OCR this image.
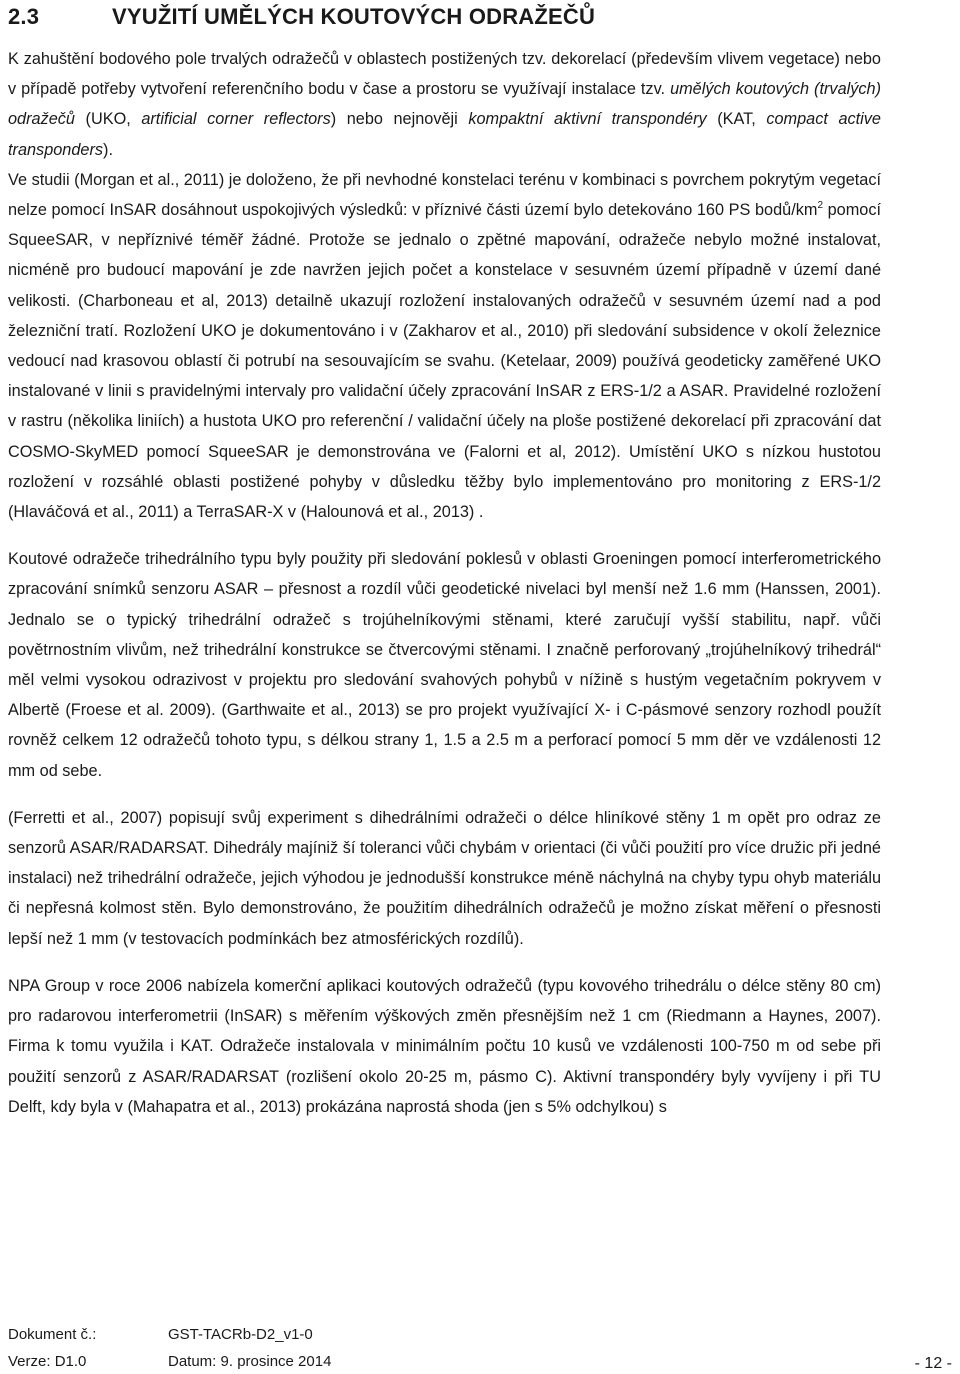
2.3	VYUŽITÍ UMĚLÝCH KOUTOVÝCH ODRAŽEČŮ

K zahuštění bodového pole trvalých odražečů v oblastech postižených tzv. dekorelací (především vlivem vegetace) nebo v případě potřeby vytvoření referenčního bodu v čase a prostoru se využívají instalace tzv. umělých koutových (trvalých) odražečů (UKO, artificial corner reflectors) nebo nejnověji kompaktní aktivní transpondéry (KAT, compact active transponders).

Ve studii (Morgan et al., 2011) je doloženo, že při nevhodné konstelaci terénu v kombinaci s povrchem pokrytým vegetací nelze pomocí InSAR dosáhnout uspokojivých výsledků: v příznivé části území bylo detekováno 160 PS bodů/$km^2$ pomocí SqueeSAR, v nepříznivé téměř žádné. Protože se jednalo o zpětné mapování, odražeče nebylo možné instalovat, nicméně pro budoucí mapování je zde navržen jejich počet a konstelace v sesuvném území případně v území dané velikosti. (Charboneau et al, 2013) detailně ukazují rozložení instalovaných odražečů v sesuvném území nad a pod železniční tratí. Rozložení UKO je dokumentováno i v (Zakharov et al., 2010) při sledování subsidence v okolí železnice vedoucí nad krasovou oblastí či potrubí na sesouvajícím se svahu. (Ketelaar, 2009) používá geodeticky zaměřené UKO instalované v linii s pravidelnými intervaly pro validační účely zpracování InSAR z ERS-1/2 a ASAR. Pravidelné rozložení v rastru (několika liniích) a hustota UKO pro referenční / validační účely na ploše postižené dekorelací při zpracování dat COSMO-SkyMED pomocí SqueeSAR je demonstrována ve (Falorni et al, 2012). Umístění UKO s nízkou hustotou rozložení v rozsáhlé oblasti postižené pohyby v důsledku těžby bylo implementováno pro monitoring z ERS-1/2 (Hlaváčová et al., 2011) a TerraSAR-X v (Halounová et al., 2013) .

Koutové odražeče trihedrálního typu byly použity při sledování poklesů v oblasti Groeningen pomocí interferometrického zpracování snímků senzoru ASAR – přesnost a rozdíl vůči geodetické nivelaci byl menší než 1.6 mm (Hanssen, 2001). Jednalo se o typický trihedrální odražeč s trojúhelníkovými stěnami, které zaručují vyšší stabilitu, např. vůči povětrnostním vlivům, než trihedrální konstrukce se čtvercovými stěnami. I značně perforovaný „trojúhelníkový trihedrál“ měl velmi vysokou odrazivost v projektu pro sledování svahových pohybů v nížině s hustým vegetačním pokryvem v Albertě (Froese et al. 2009). (Garthwaite et al., 2013) se pro projekt využívající X- i C-pásmové senzory rozhodl použít rovněž celkem 12 odražečů tohoto typu, s délkou strany 1, 1.5 a 2.5 m a perforací pomocí 5 mm děr ve vzdálenosti 12 mm od sebe.

(Ferretti et al., 2007) popisují svůj experiment s dihedrálními odražeči o délce hliníkové stěny 1 m opět pro odraz ze senzorů ASAR/RADARSAT. Dihedrály majíniž ší toleranci vůči chybám v orientaci (či vůči použití pro více družic při jedné instalaci) než trihedrální odražeče, jejich výhodou je jednodušší konstrukce méně náchylná na chyby typu ohyb materiálu či nepřesná kolmost stěn. Bylo demonstrováno, že použitím dihedrálních odražečů je možno získat měření o přesnosti lepší než 1 mm (v testovacích podmínkách bez atmosférických rozdílů).

NPA Group v roce 2006 nabízela komerční aplikaci koutových odražečů (typu kovového trihedrálu o délce stěny 80 cm) pro radarovou interferometrii (InSAR) s měřením výškových změn přesnějším než 1 cm (Riedmann a Haynes, 2007). Firma k tomu využila i KAT. Odražeče instalovala v minimálním počtu 10 kusů ve vzdálenosti 100-750 m od sebe při použití senzorů z ASAR/RADARSAT (rozlišení okolo 20-25 m, pásmo C). Aktivní transpondéry byly vyvíjeny i při TU Delft, kdy byla v (Mahapatra et al., 2013) prokázána naprostá shoda (jen s 5% odchylkou) s

Dokument č.:	GST-TACRb-D2_v1-0
Verze: D1.0	Datum: 9. prosince 2014	- 12 -
